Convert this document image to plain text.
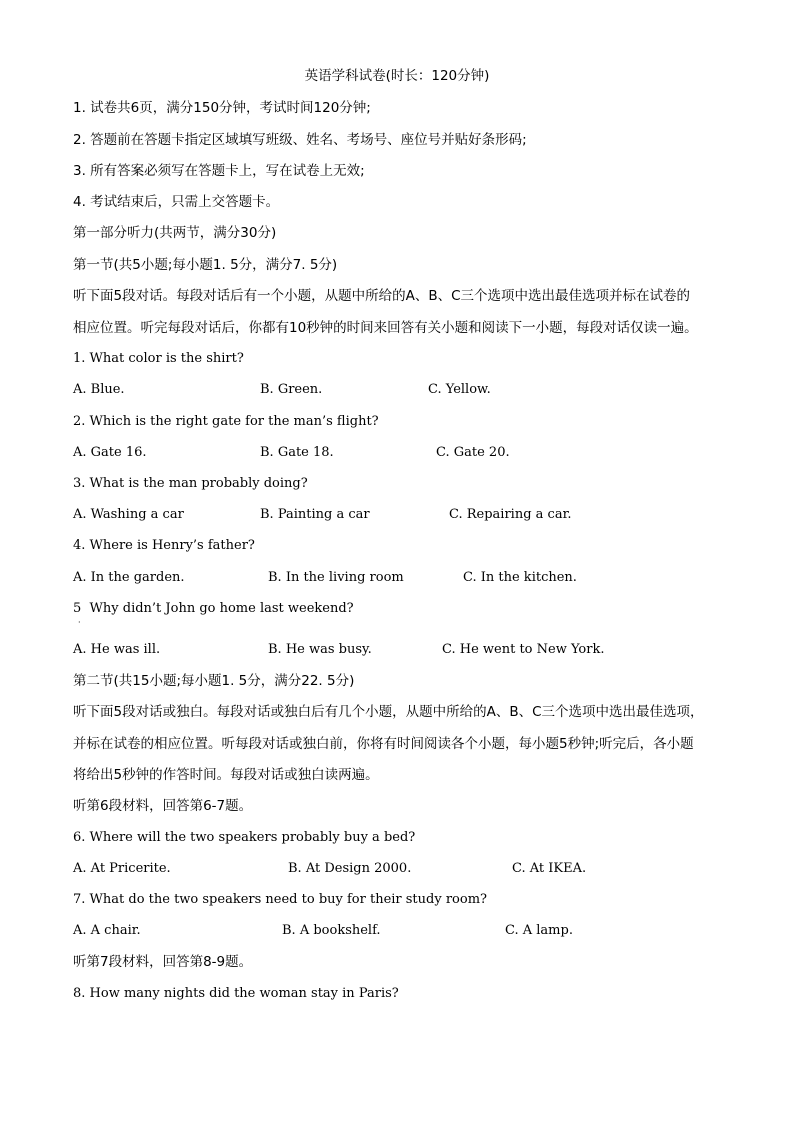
英语学科试卷(时长：120分钟)
1. 试卷共6页，满分150分钟，考试时间120分钟;
2. 答题前在答题卡指定区域填写班级、姓名、考场号、座位号并贴好条形码;
3. 所有答案必须写在答题卡上，写在试卷上无效;
4. 考试结束后，只需上交答题卡。
第一部分听力(共两节，满分30分)
第一节(共5小题;每小题1. 5分，满分7. 5分)
听下面5段对话。每段对话后有一个小题，从题中所给的A、B、C三个选项中选出最佳选项并标在试卷的
相应位置。听完每段对话后，你都有10秒钟的时间来回答有关小题和阅读下一小题，每段对话仅读一遍。
1. What color is the shirt?
A. Blue.	B. Green.	C. Yellow.
2. Which is the right gate for the man’s flight?
A. Gate 16.	B. Gate 18.	C. Gate 20.
3. What is the man probably doing?
A. Washing a car	B. Painting a car	C. Repairing a car.
4. Where is Henry’s father?
A. In the garden.	B. In the living room	C. In the kitchen.
5  Why didn’t John go home last weekend?
·
A. He was ill.	B. He was busy.	C. He went to New York.
第二节(共15小题;每小题1. 5分，满分22. 5分)
听下面5段对话或独白。每段对话或独白后有几个小题，从题中所给的A、B、C三个选项中选出最佳选项，
并标在试卷的相应位置。听每段对话或独白前，你将有时间阅读各个小题，每小题5秒钟;听完后，各小题
将给出5秒钟的作答时间。每段对话或独白读两遍。
听第6段材料，回答第6-7题。
6. Where will the two speakers probably buy a bed?
A. At Pricerite.	B. At Design 2000.	C. At IKEA.
7. What do the two speakers need to buy for their study room?
A. A chair.	B. A bookshelf.	C. A lamp.
听第7段材料，回答第8-9题。
8. How many nights did the woman stay in Paris?
